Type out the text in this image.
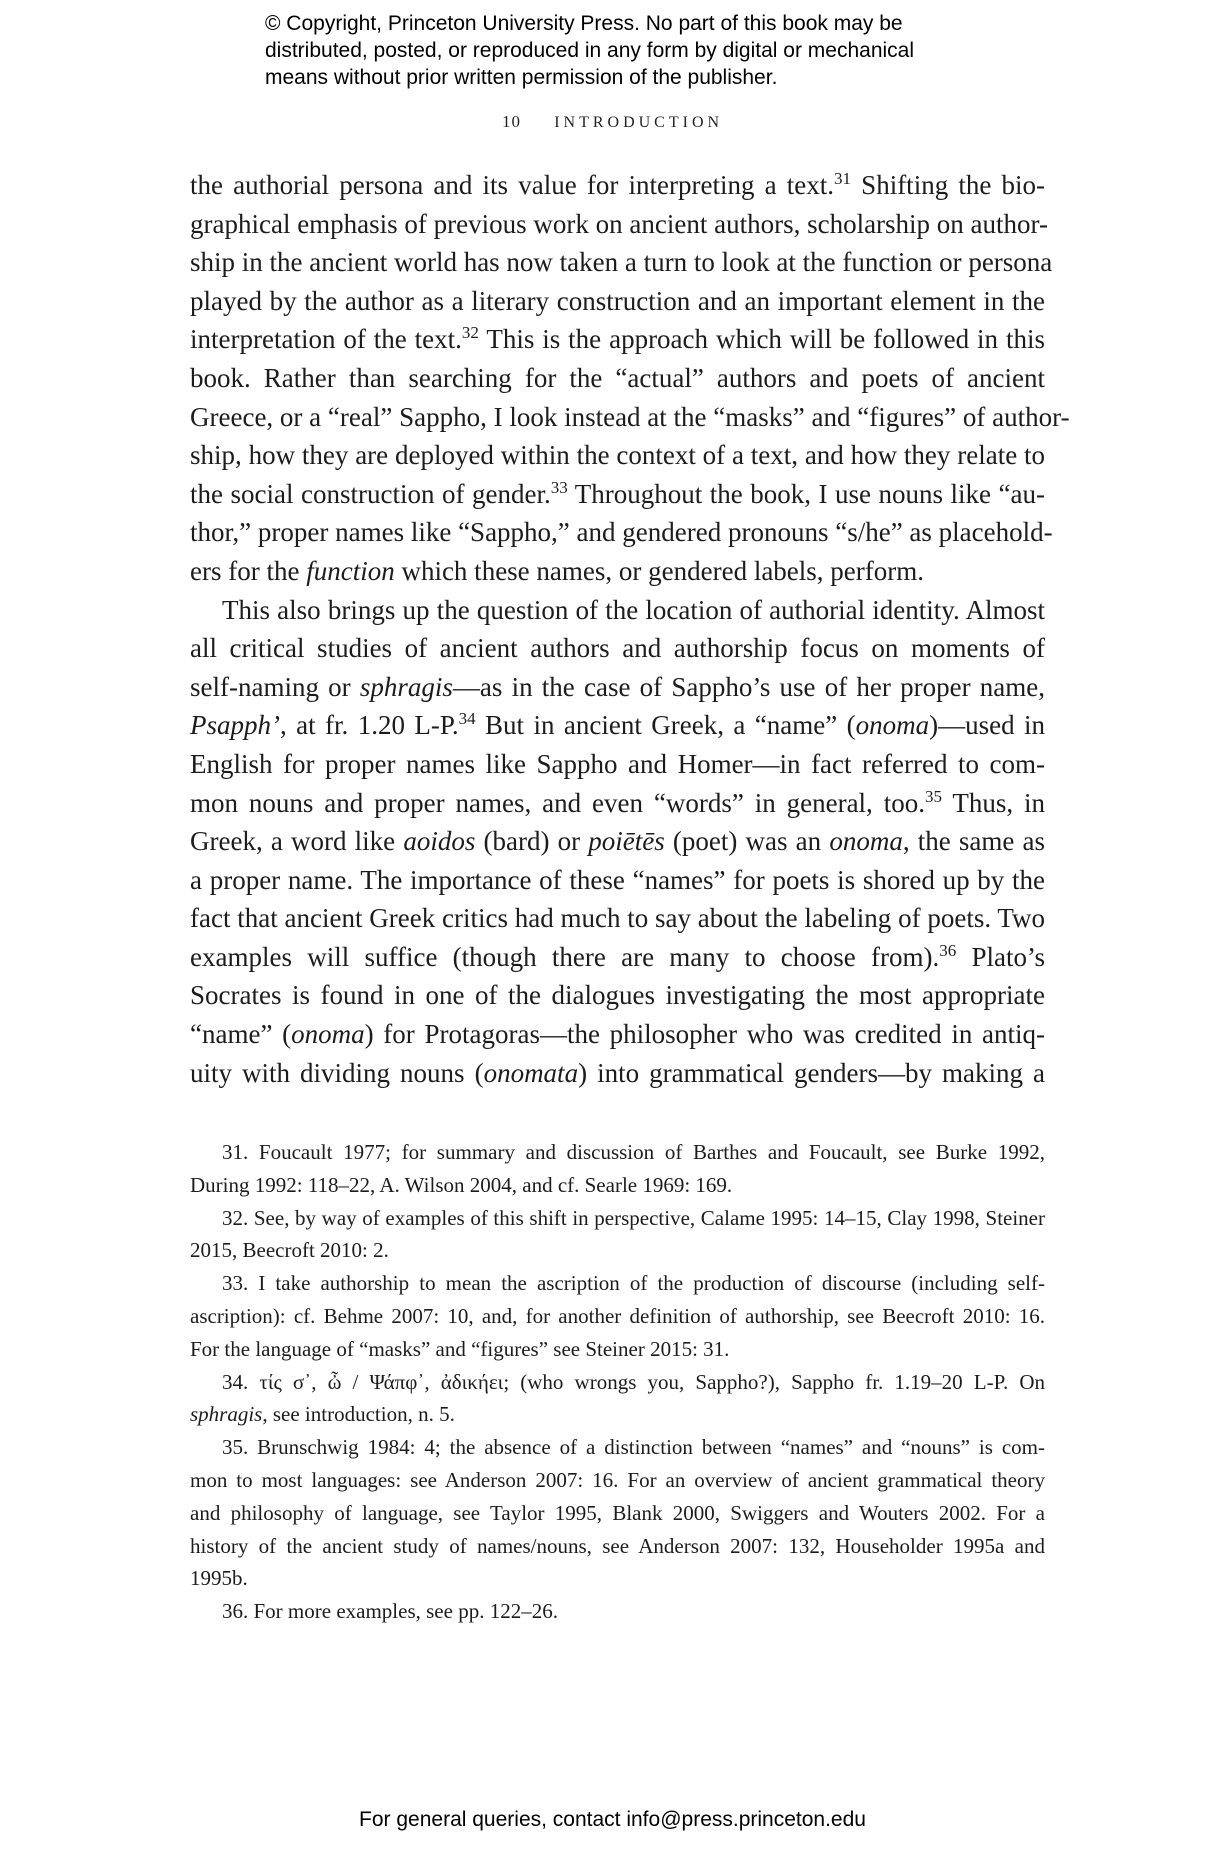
© Copyright, Princeton University Press. No part of this book may be
distributed, posted, or reproduced in any form by digital or mechanical
means without prior written permission of the publisher.
10 INTRODUCTION
the authorial persona and its value for interpreting a text.$^{31}$ Shifting the bio-
graphical emphasis of previous work on ancient authors, scholarship on author-
ship in the ancient world has now taken a turn to look at the function or persona
played by the author as a literary construction and an important element in the
interpretation of the text.$^{32}$ This is the approach which will be followed in this
book. Rather than searching for the “actual” authors and poets of ancient
Greece, or a “real” Sappho, I look instead at the “masks” and “figures” of author-
ship, how they are deployed within the context of a text, and how they relate to
the social construction of gender.$^{33}$ Throughout the book, I use nouns like “au-
thor,” proper names like “Sappho,” and gendered pronouns “s/he” as placehold-
ers for the function which these names, or gendered labels, perform.
This also brings up the question of the location of authorial identity. Almost
all critical studies of ancient authors and authorship focus on moments of
self-naming or sphragis—as in the case of Sappho’s use of her proper name,
Psapph’, at fr. 1.20 L-P.$^{34}$ But in ancient Greek, a “name” (onoma)—used in
English for proper names like Sappho and Homer—in fact referred to com-
mon nouns and proper names, and even “words” in general, too.$^{35}$ Thus, in
Greek, a word like aoidos (bard) or poiētēs (poet) was an onoma, the same as
a proper name. The importance of these “names” for poets is shored up by the
fact that ancient Greek critics had much to say about the labeling of poets. Two
examples will suffice (though there are many to choose from).$^{36}$ Plato’s
Socrates is found in one of the dialogues investigating the most appropriate
“name” (onoma) for Protagoras—the philosopher who was credited in antiq-
uity with dividing nouns (onomata) into grammatical genders—by making a
31. Foucault 1977; for summary and discussion of Barthes and Foucault, see Burke 1992,
During 1992: 118–22, A. Wilson 2004, and cf. Searle 1969: 169.
32. See, by way of examples of this shift in perspective, Calame 1995: 14–15, Clay 1998, Steiner
2015, Beecroft 2010: 2.
33. I take authorship to mean the ascription of the production of discourse (including self-
ascription): cf. Behme 2007: 10, and, for another definition of authorship, see Beecroft 2010: 16.
For the language of “masks” and “figures” see Steiner 2015: 31.
34. τίς σ᾽, ὦ / Ψάπφ᾽, ἀδικήει; (who wrongs you, Sappho?), Sappho fr. 1.19–20 L-P. On
sphragis, see introduction, n. 5.
35. Brunschwig 1984: 4; the absence of a distinction between “names” and “nouns” is com-
mon to most languages: see Anderson 2007: 16. For an overview of ancient grammatical theory
and philosophy of language, see Taylor 1995, Blank 2000, Swiggers and Wouters 2002. For a
history of the ancient study of names/nouns, see Anderson 2007: 132, Householder 1995a and
1995b.
36. For more examples, see pp. 122–26.
For general queries, contact info@press.princeton.edu
